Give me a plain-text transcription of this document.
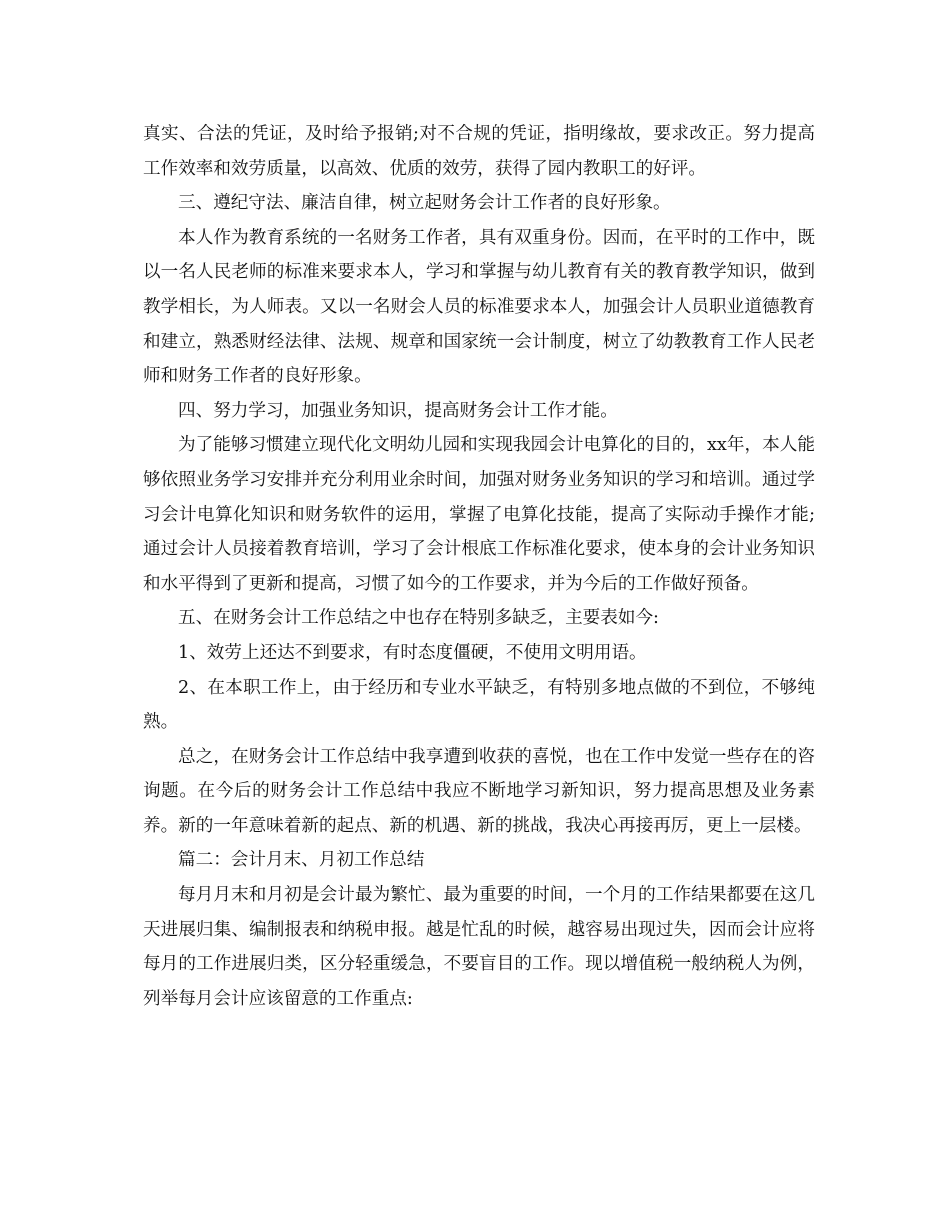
真实、合法的凭证，及时给予报销;对不合规的凭证，指明缘故，要求改正。努力提高工作效率和效劳质量，以高效、优质的效劳，获得了园内教职工的好评。

三、遵纪守法、廉洁自律，树立起财务会计工作者的良好形象。

本人作为教育系统的一名财务工作者，具有双重身份。因而，在平时的工作中，既以一名人民老师的标准来要求本人，学习和掌握与幼儿教育有关的教育教学知识，做到教学相长，为人师表。又以一名财会人员的标准要求本人，加强会计人员职业道德教育和建立，熟悉财经法律、法规、规章和国家统一会计制度，树立了幼教教育工作人民老师和财务工作者的良好形象。

四、努力学习，加强业务知识，提高财务会计工作才能。

为了能够习惯建立现代化文明幼儿园和实现我园会计电算化的目的，xx年，本人能够依照业务学习安排并充分利用业余时间，加强对财务业务知识的学习和培训。通过学习会计电算化知识和财务软件的运用，掌握了电算化技能，提高了实际动手操作才能;通过会计人员接着教育培训，学习了会计根底工作标准化要求，使本身的会计业务知识和水平得到了更新和提高，习惯了如今的工作要求，并为今后的工作做好预备。

五、在财务会计工作总结之中也存在特别多缺乏，主要表如今:

1、效劳上还达不到要求，有时态度僵硬，不使用文明用语。

2、在本职工作上，由于经历和专业水平缺乏，有特别多地点做的不到位，不够纯熟。

总之，在财务会计工作总结中我享遭到收获的喜悦，也在工作中发觉一些存在的咨询题。在今后的财务会计工作总结中我应不断地学习新知识，努力提高思想及业务素养。新的一年意味着新的起点、新的机遇、新的挑战，我决心再接再厉，更上一层楼。

篇二：会计月末、月初工作总结

每月月末和月初是会计最为繁忙、最为重要的时间，一个月的工作结果都要在这几天进展归集、编制报表和纳税申报。越是忙乱的时候，越容易出现过失，因而会计应将每月的工作进展归类，区分轻重缓急，不要盲目的工作。现以增值税一般纳税人为例，列举每月会计应该留意的工作重点:
